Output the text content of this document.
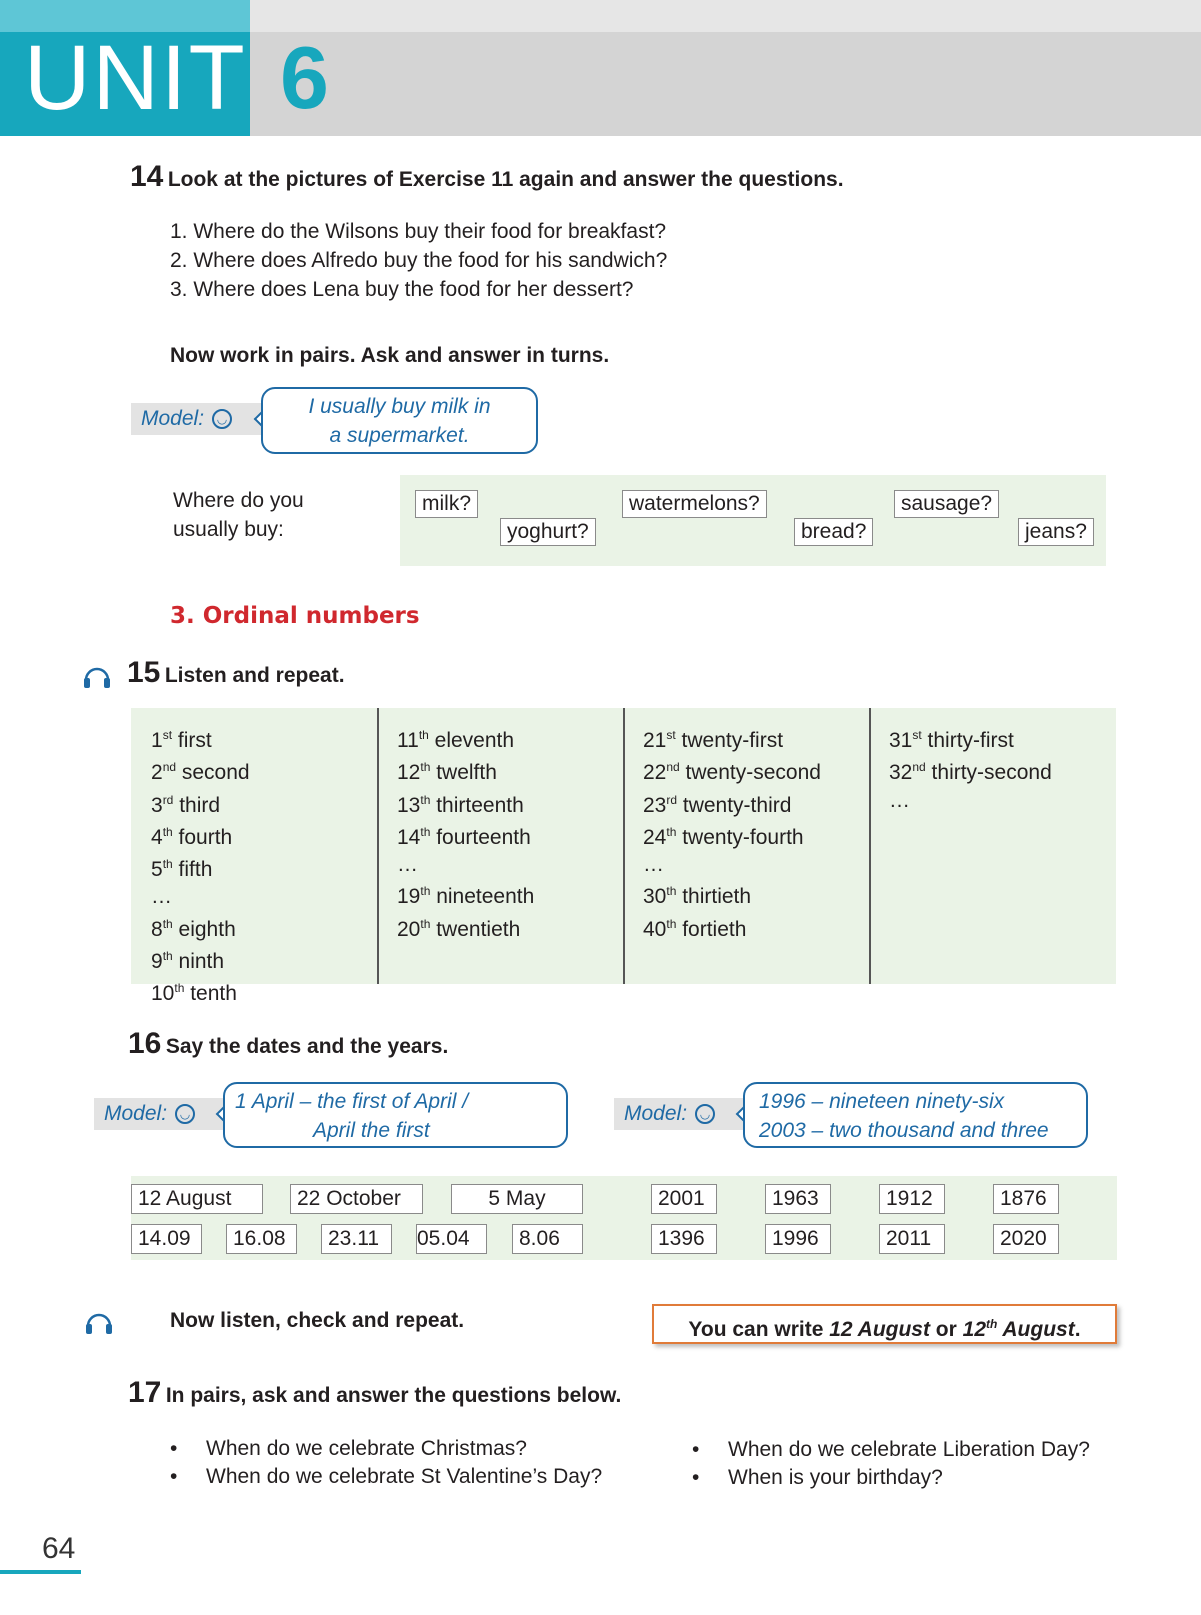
UNIT 6
14 Look at the pictures of Exercise 11 again and answer the questions.
1. Where do the Wilsons buy their food for breakfast?
2. Where does Alfredo buy the food for his sandwich?
3. Where does Lena buy the food for her dessert?
Now work in pairs. Ask and answer in turns.
Model: ◡
I usually buy milk in
a supermarket.
Where do you
usually buy:
milk?
yoghurt?
watermelons?
bread?
sausage?
jeans?
3. Ordinal numbers
15 Listen and repeat.
1st first
2nd second
3rd third
4th fourth
5th fifth
…
8th eighth
9th ninth
10th tenth
11th eleventh
12th twelfth
13th thirteenth
14th fourteenth
…
19th nineteenth
20th twentieth
21st twenty-first
22nd twenty-second
23rd twenty-third
24th twenty-fourth
…
30th thirtieth
40th fortieth
31st thirty-first
32nd thirty-second
…
16 Say the dates and the years.
Model: ◡
1 April – the first of April /
April the first
Model: ◡
1996 – nineteen ninety-six
2003 – two thousand and three
12 August	22 October	5 May
14.09	16.08	23.11	05.04	8.06
2001	1963	1912	1876
1396	1996	2011	2020
Now listen, check and repeat.	You can write 12 August or 12th August.
17 In pairs, ask and answer the questions below.
• When do we celebrate Christmas?
• When do we celebrate St Valentine’s Day?
• When do we celebrate Liberation Day?
• When is your birthday?
64
